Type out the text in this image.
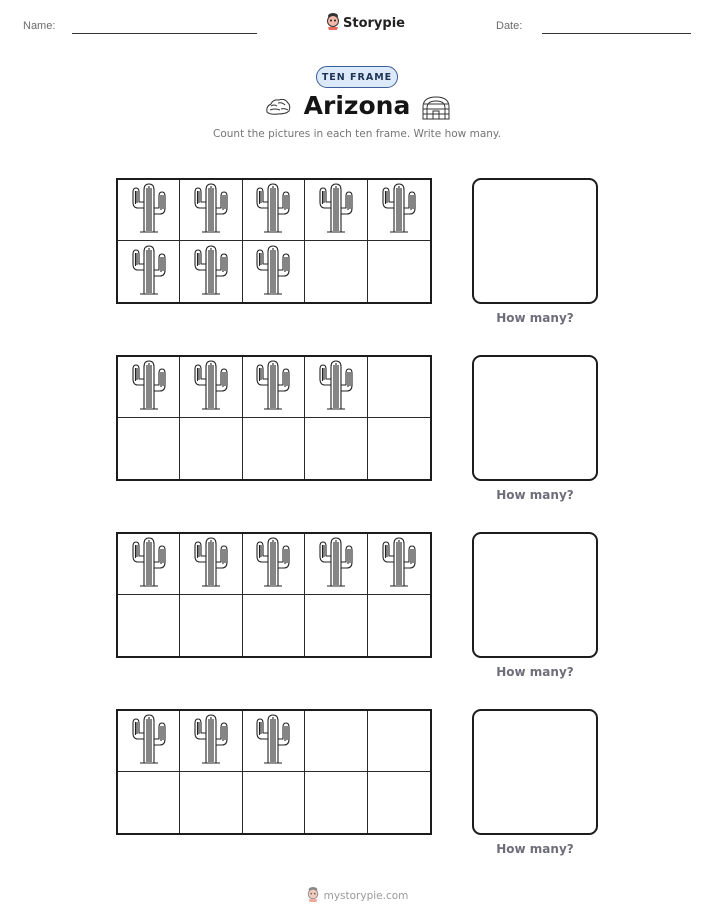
Name:	Storypie	Date:
TEN FRAME
Arizona
Count the pictures in each ten frame. Write how many.
How many?
How many?
How many?
How many?
mystorypie.com
